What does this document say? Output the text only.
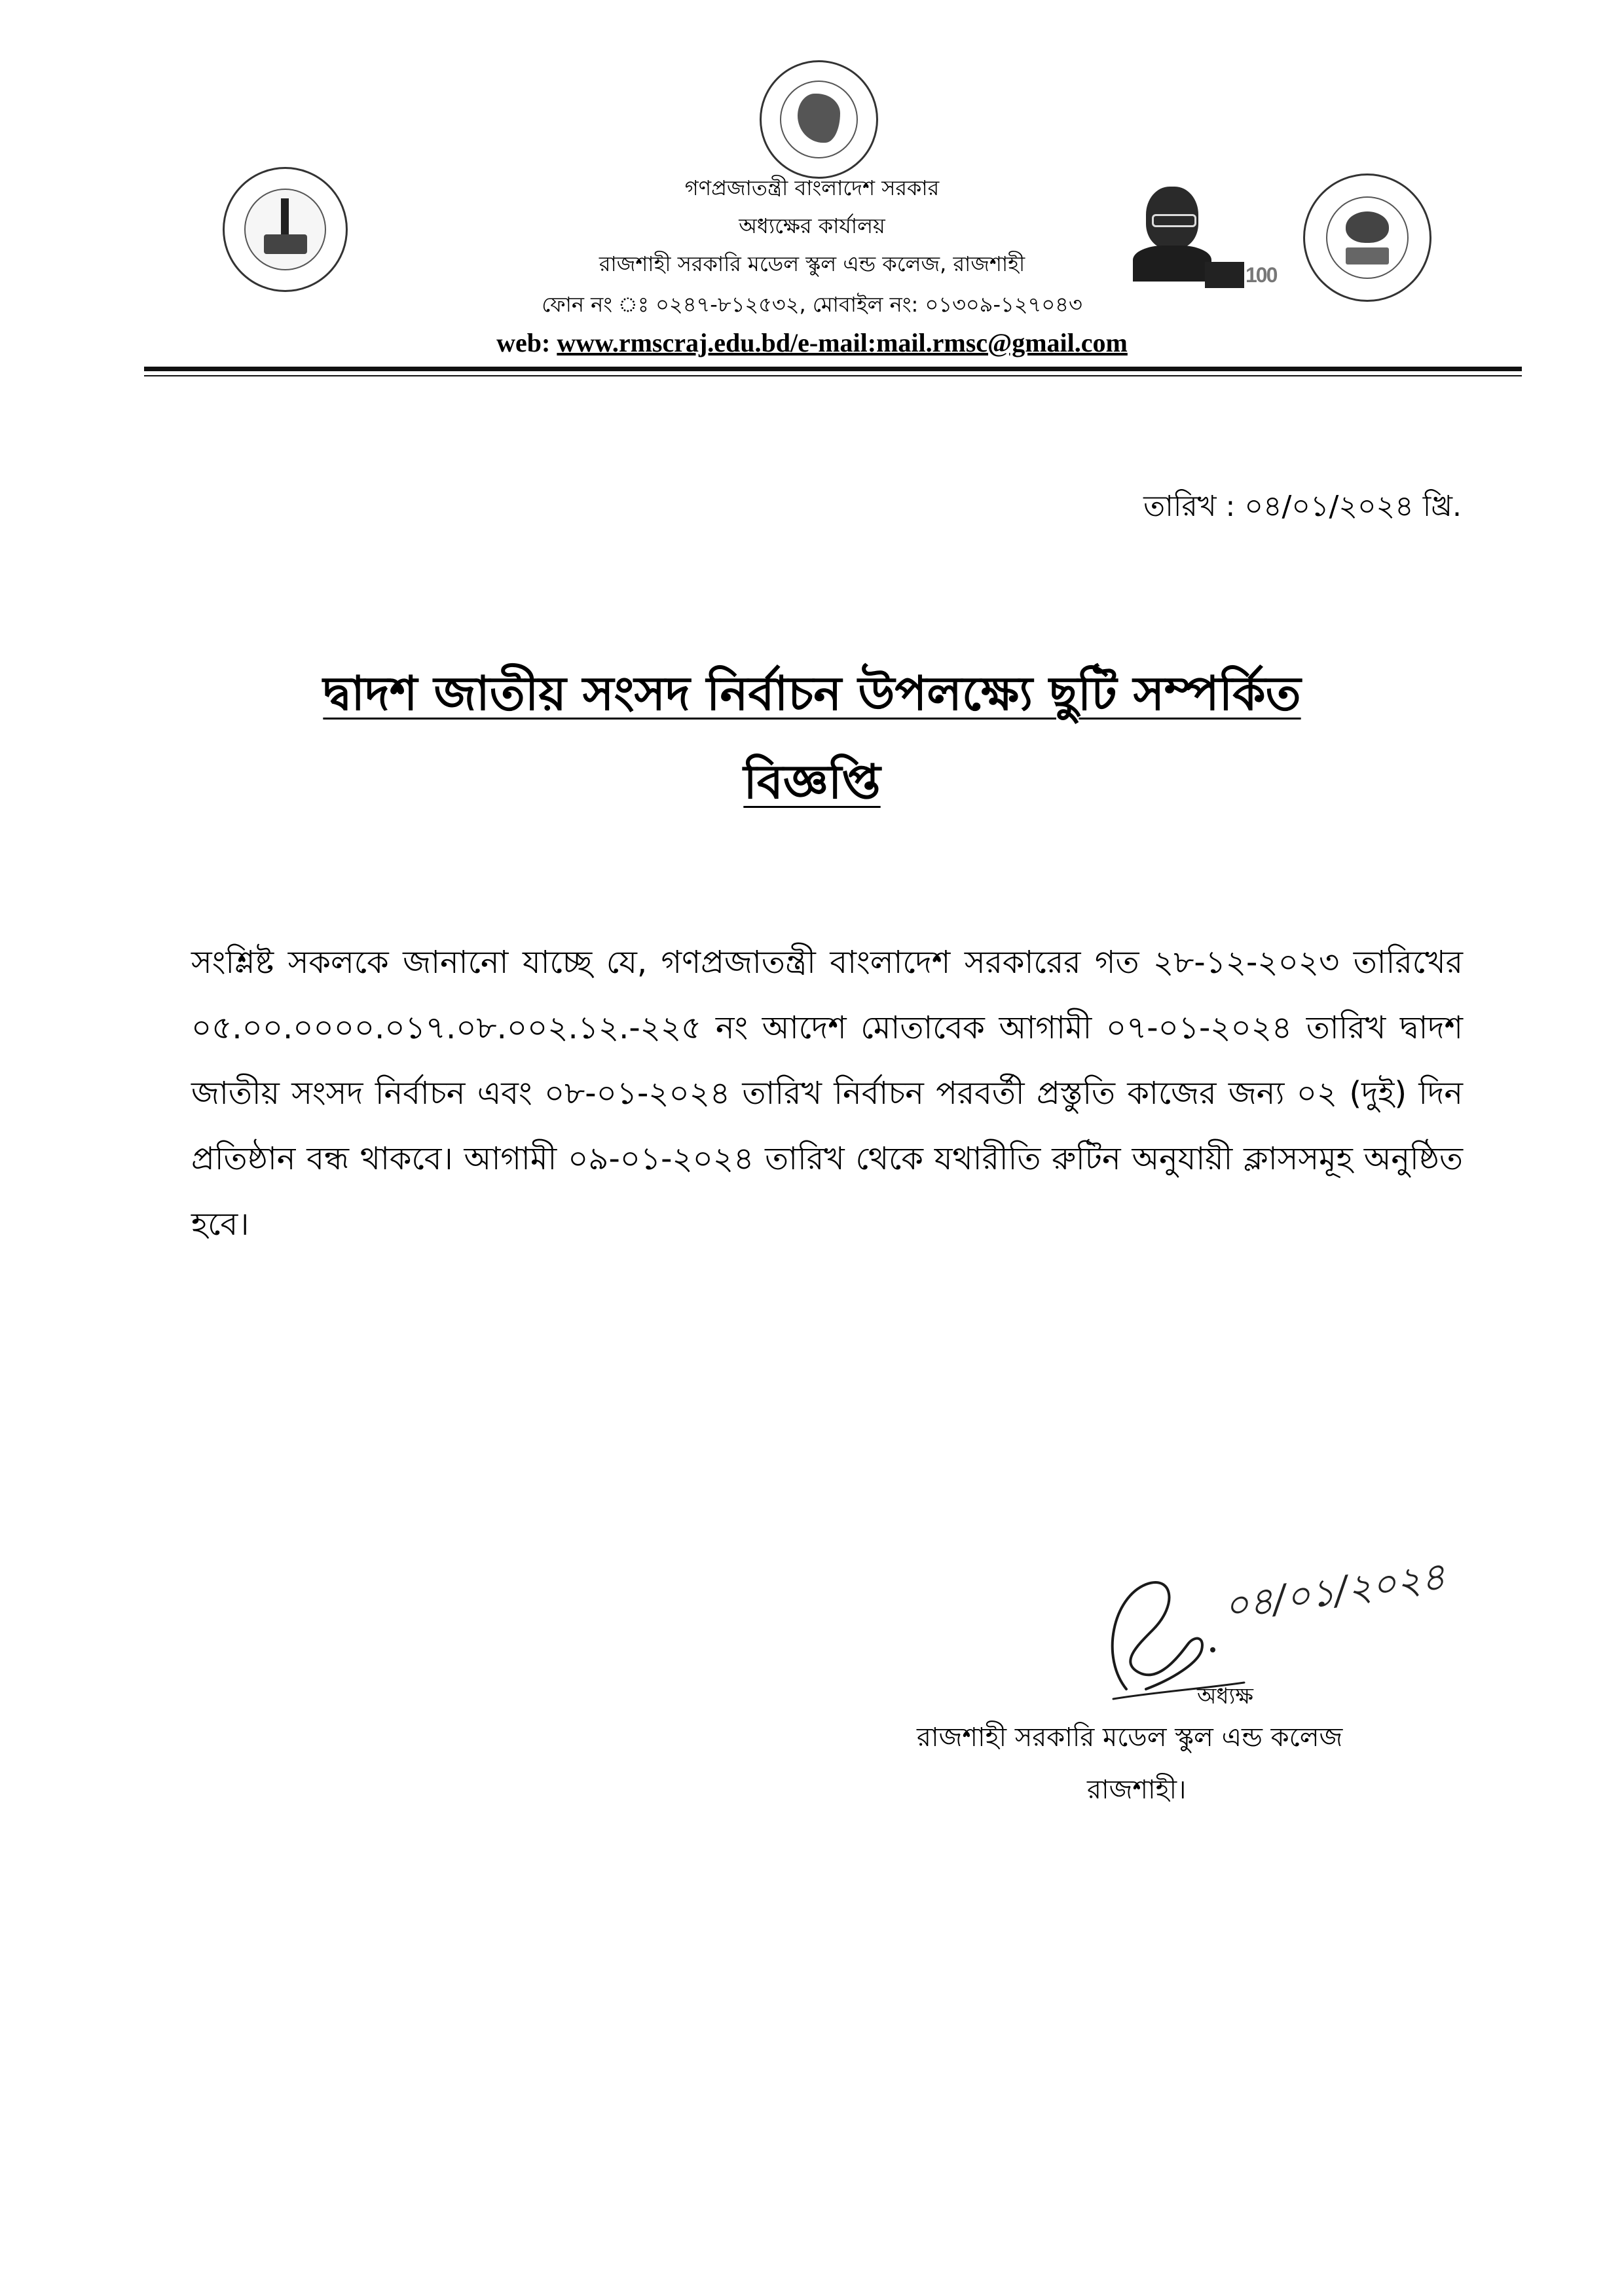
100
গণপ্রজাতন্ত্রী বাংলাদেশ সরকার
অধ্যক্ষের কার্যালয়
রাজশাহী সরকারি মডেল স্কুল এন্ড কলেজ, রাজশাহী
ফোন নং ঃ ০২৪৭-৮১২৫৩২, মোবাইল নং: ০১৩০৯-১২৭০৪৩
web: www.rmscraj.edu.bd/e-mail:mail.rmsc@gmail.com
তারিখ : ০৪/০১/২০২৪ খ্রি.
দ্বাদশ জাতীয় সংসদ নির্বাচন উপলক্ষ্যে ছুটি সম্পর্কিত
বিজ্ঞপ্তি
সংশ্লিষ্ট সকলকে জানানো যাচ্ছে যে, গণপ্রজাতন্ত্রী বাংলাদেশ সরকারের গত ২৮-১২-২০২৩ তারিখের ০৫.০০.০০০০.০১৭.০৮.০০২.১২.-২২৫ নং আদেশ মোতাবেক আগামী ০৭-০১-২০২৪ তারিখ দ্বাদশ জাতীয় সংসদ নির্বাচন এবং ০৮-০১-২০২৪ তারিখ নির্বাচন পরবর্তী প্রস্তুতি কাজের জন্য ০২ (দুই) দিন প্রতিষ্ঠান বন্ধ থাকবে। আগামী ০৯-০১-২০২৪ তারিখ থেকে যথারীতি রুটিন অনুযায়ী ক্লাসসমূহ অনুষ্ঠিত হবে।
০৪/০১/২০২৪
অধ্যক্ষ
রাজশাহী সরকারি মডেল স্কুল এন্ড কলেজ
রাজশাহী।
